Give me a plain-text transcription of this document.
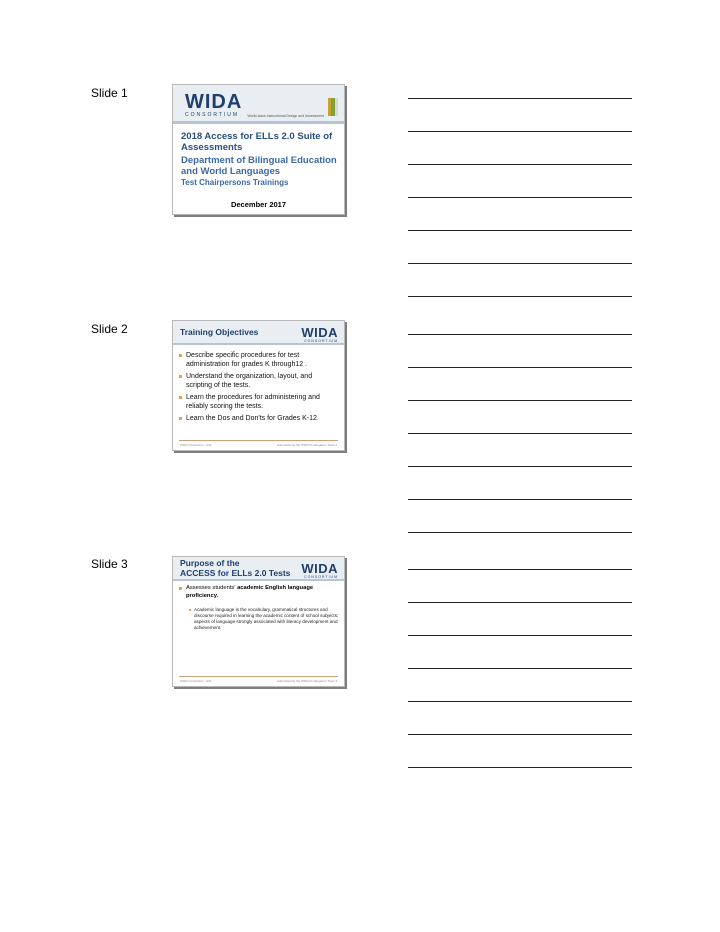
Slide 1
Slide 2
Slide 3
WIDA
CONSORTIUM World-class Instructional Design and Assessment
2018 Access for ELLs 2.0 Suite of Assessments
Department of Bilingual Education and World Languages
Test Chairpersons Trainings
December 2017
Training Objectives	WIDA
CONSORTIUM
Describe specific procedures for test administration for grades K through12 .
Understand the organization, layout, and scripting of the tests.
Learn the procedures for administering and reliably scoring the tests.
Learn the Dos and Don'ts for Grades K-12.
WIDA Consortium · ESL	Administering the WIDA Kindergarten Tests 2
Purpose of the
ACCESS for ELLs 2.0 Tests WIDA
CONSORTIUM
Assesses students' academic English language proficiency.
Academic language is the vocabulary, grammatical structures and discourse required in learning the academic content of school subjects; aspects of language strongly associated with literacy development and achievement.
WIDA Consortium · ESL	Administering the WIDA Kindergarten Tests 3
